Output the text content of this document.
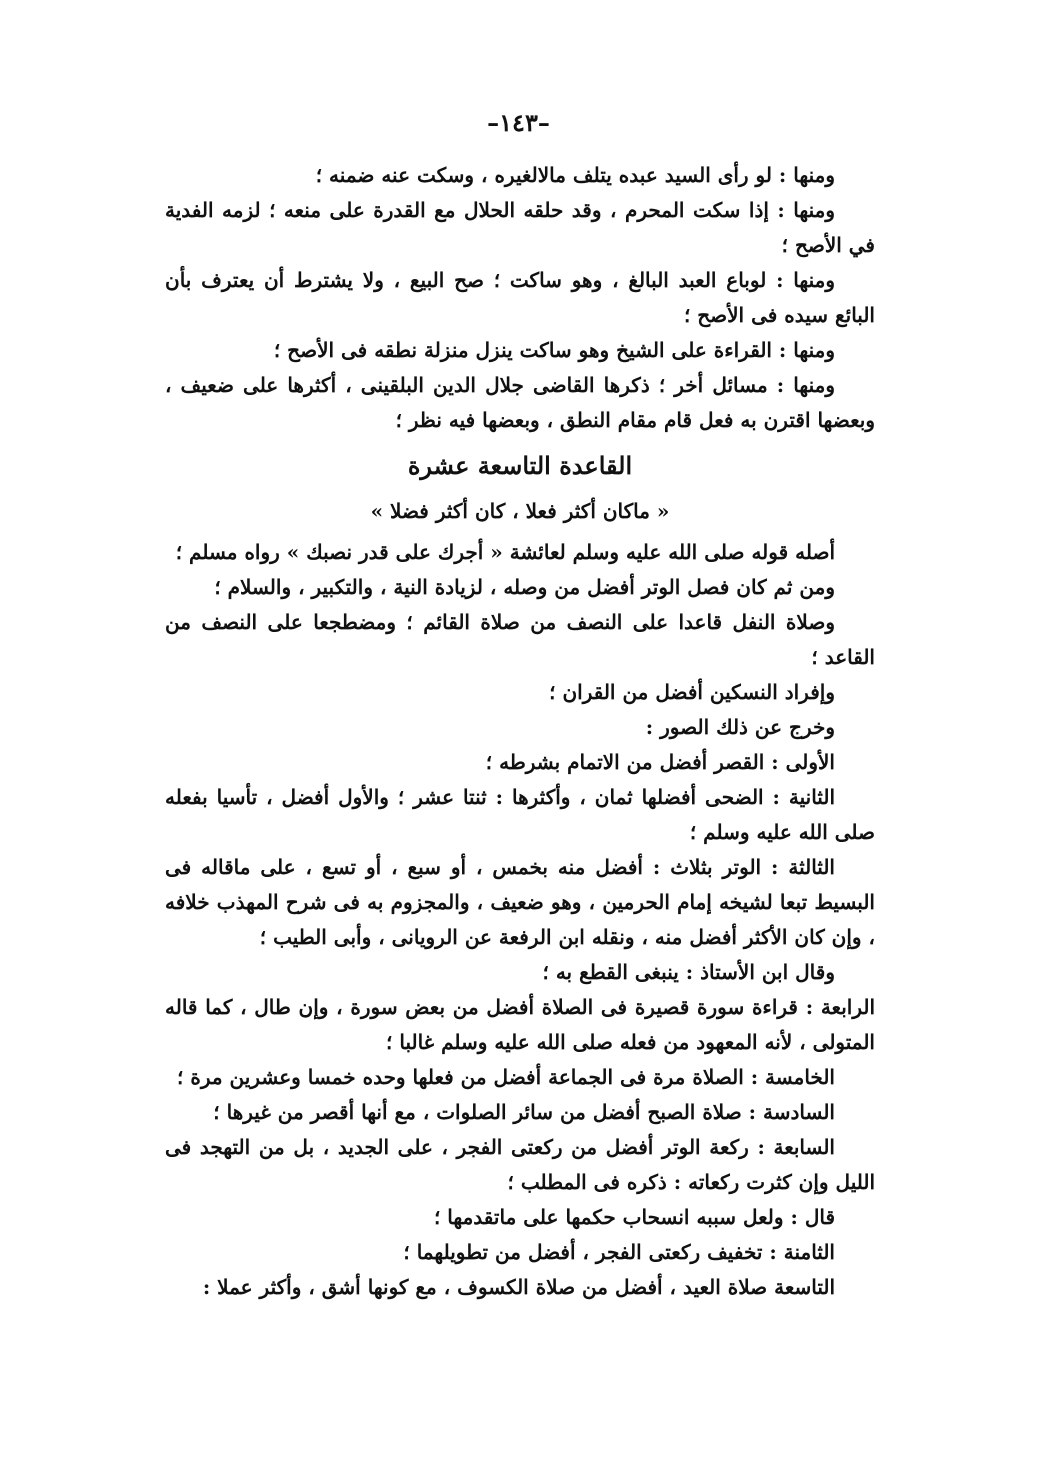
–١٤٣–

ومنها : لو رأى السيد عبده يتلف مالالغيره ، وسكت عنه ضمنه ؛

ومنها : إذا سكت المحرم ، وقد حلقه الحلال مع القدرة على منعه ؛ لزمه الفدية في الأصح ؛

ومنها : لوباع العبد البالغ ، وهو ساكت ؛ صح البيع ، ولا يشترط أن يعترف بأن البائع سيده فى الأصح ؛

ومنها : القراءة على الشيخ وهو ساكت ينزل منزلة نطقه فى الأصح ؛

ومنها : مسائل أخر ؛ ذكرها القاضى جلال الدين البلقينى ، أكثرها على ضعيف ، وبعضها اقترن به فعل قام مقام النطق ، وبعضها فيه نظر ؛

القاعدة التاسعة عشرة
« ماكان أكثر فعلا ، كان أكثر فضلا »

أصله قوله صلى الله عليه وسلم لعائشة « أجرك على قدر نصبك » رواه مسلم ؛

ومن ثم كان فصل الوتر أفضل من وصله ، لزيادة النية ، والتكبير ، والسلام ؛

وصلاة النفل قاعدا على النصف من صلاة القائم ؛ ومضطجعا على النصف من القاعد ؛

وإفراد النسكين أفضل من القران ؛

وخرج عن ذلك الصور :

الأولى : القصر أفضل من الاتمام بشرطه ؛

الثانية : الضحى أفضلها ثمان ، وأكثرها : ثنتا عشر ؛ والأول أفضل ، تأسيا بفعله صلى الله عليه وسلم ؛

الثالثة : الوتر بثلاث : أفضل منه بخمس ، أو سبع ، أو تسع ، على ماقاله فى البسيط تبعا لشيخه إمام الحرمين ، وهو ضعيف ، والمجزوم به فى شرح المهذب خلافه ، وإن كان الأكثر أفضل منه ، ونقله ابن الرفعة عن الرويانى ، وأبى الطيب ؛

وقال ابن الأستاذ : ينبغى القطع به ؛

الرابعة : قراءة سورة قصيرة فى الصلاة أفضل من بعض سورة ، وإن طال ، كما قاله المتولى ، لأنه المعهود من فعله صلى الله عليه وسلم غالبا ؛

الخامسة : الصلاة مرة فى الجماعة أفضل من فعلها وحده خمسا وعشرين مرة ؛

السادسة : صلاة الصبح أفضل من سائر الصلوات ، مع أنها أقصر من غيرها ؛

السابعة : ركعة الوتر أفضل من ركعتى الفجر ، على الجديد ، بل من التهجد فى الليل وإن كثرت ركعاته : ذكره فى المطلب ؛

قال : ولعل سببه انسحاب حكمها على ماتقدمها ؛

الثامنة : تخفيف ركعتى الفجر ، أفضل من تطويلهما ؛

التاسعة صلاة العيد ، أفضل من صلاة الكسوف ، مع كونها أشق ، وأكثر عملا :
